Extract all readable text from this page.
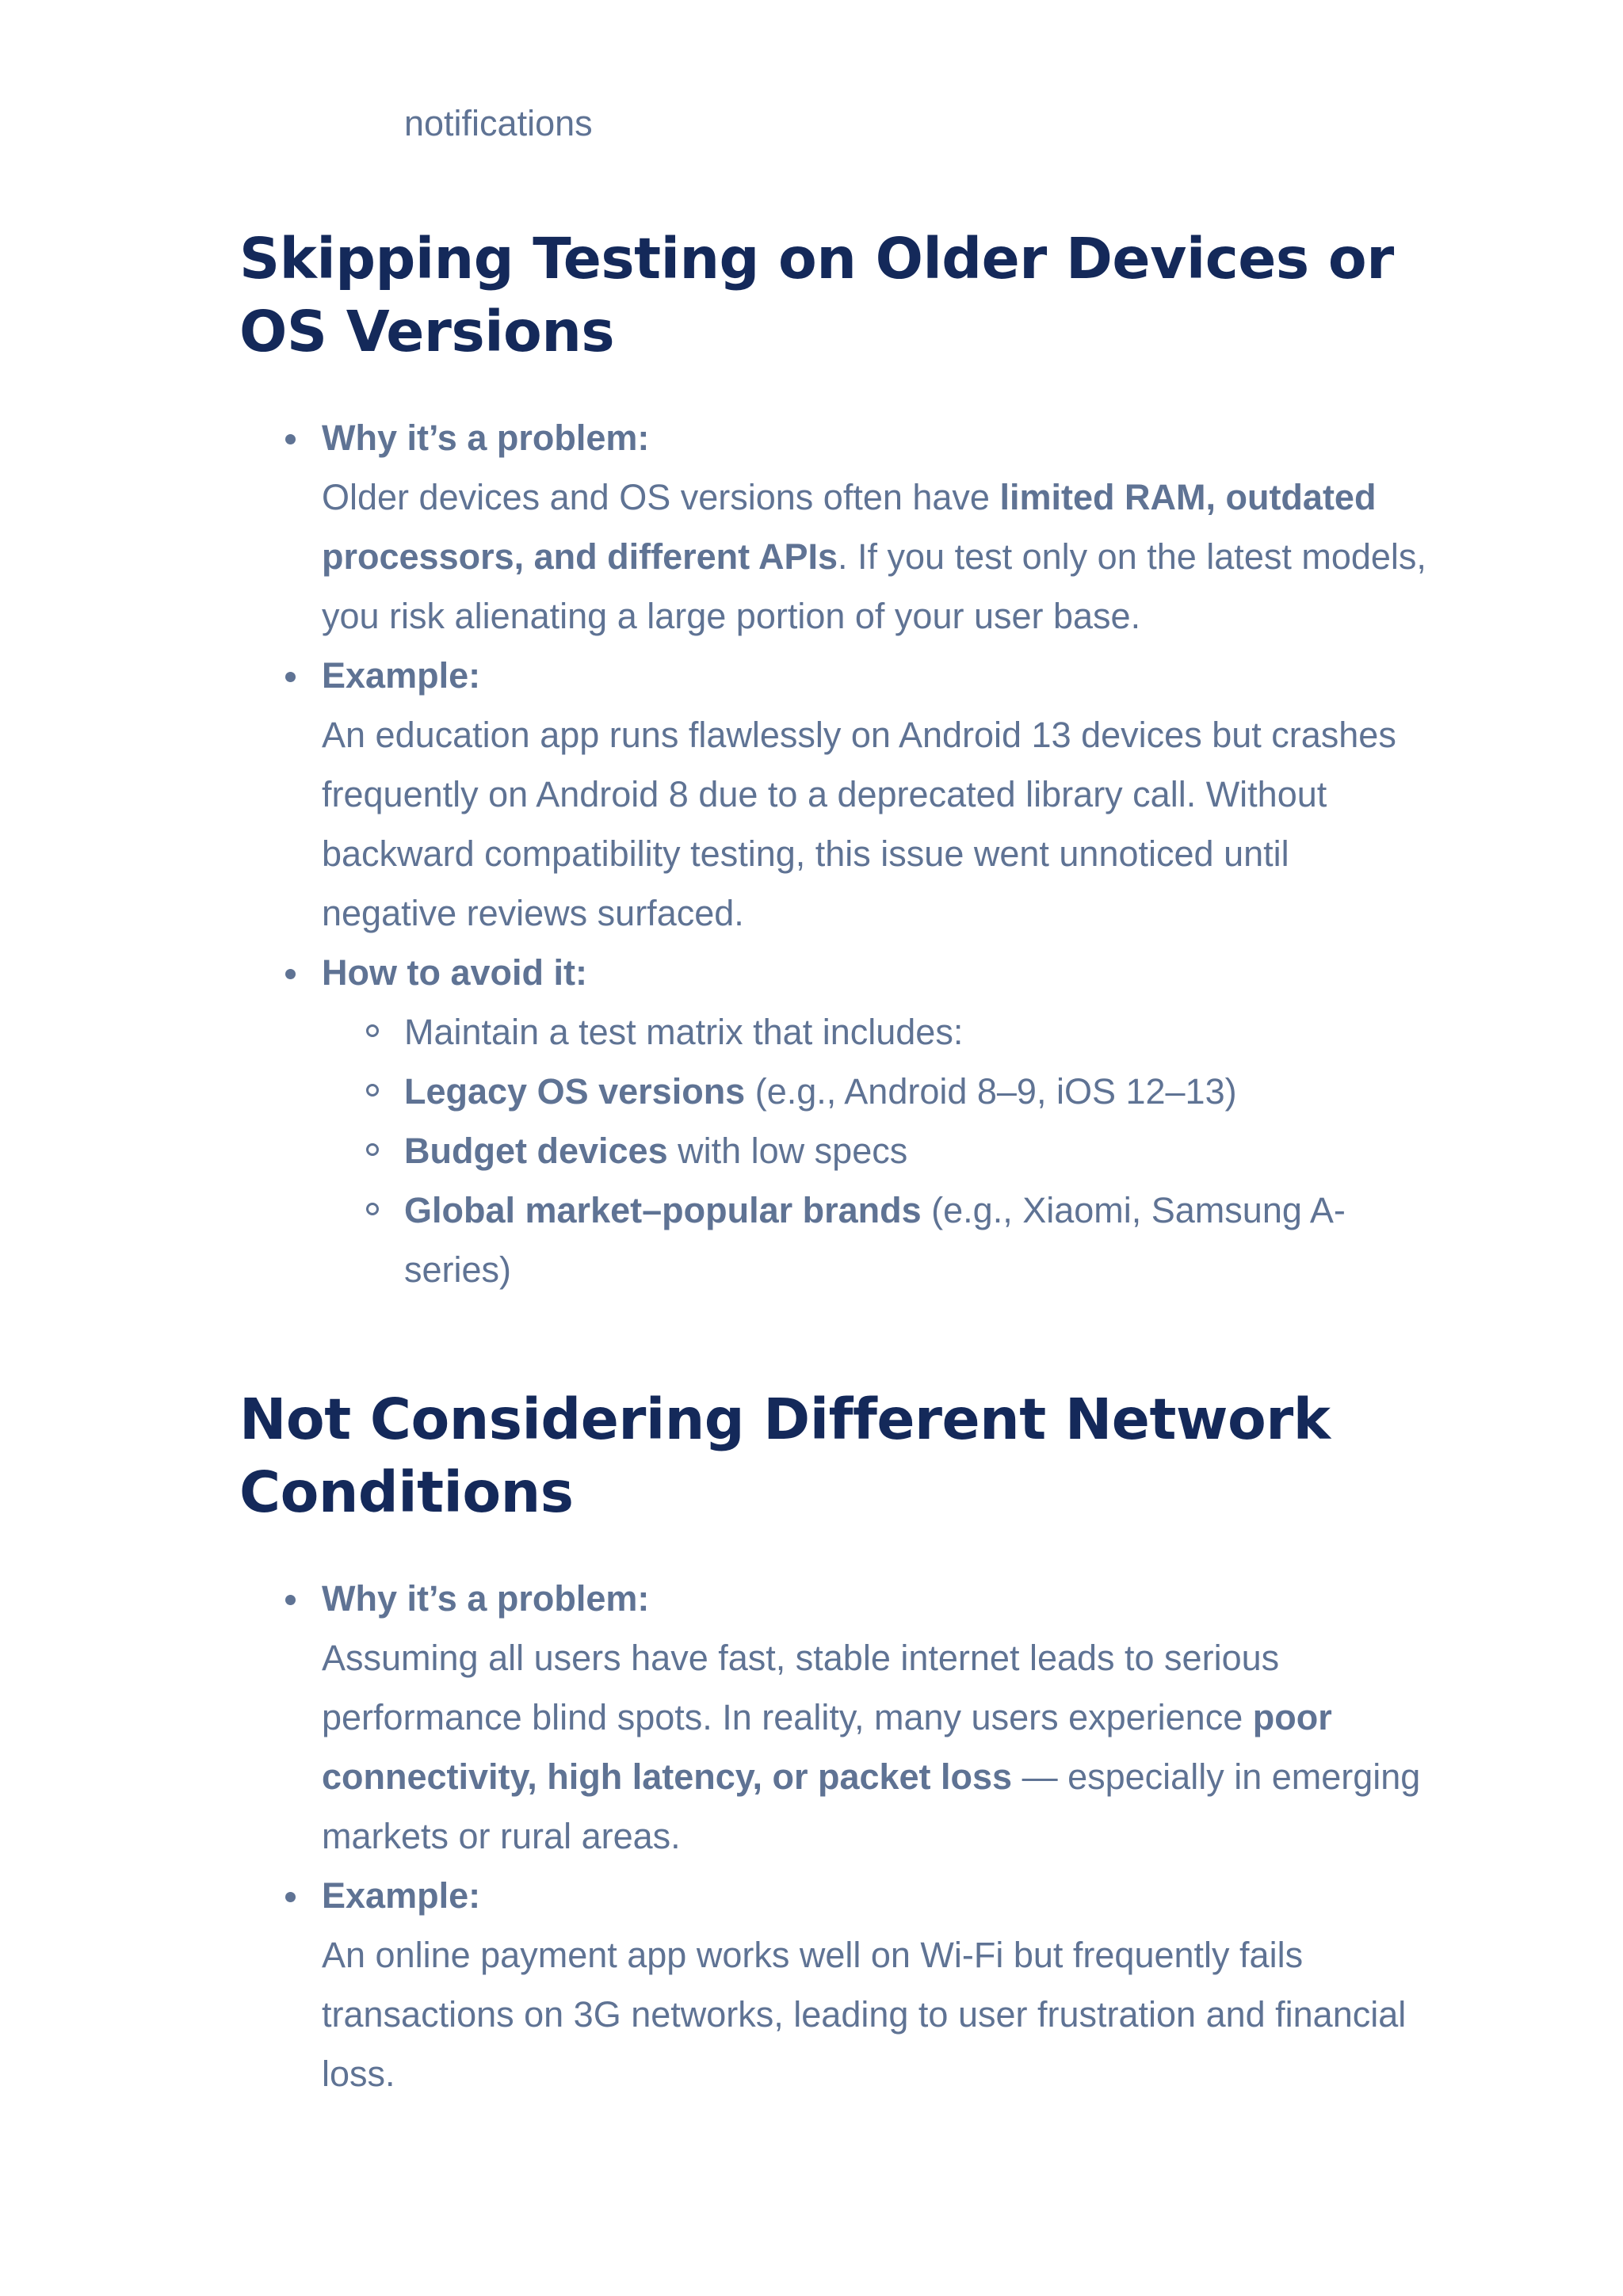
notifications
Skipping Testing on Older Devices or OS Versions
Why it’s a problem:
Older devices and OS versions often have limited RAM, outdated processors, and different APIs. If you test only on the latest models, you risk alienating a large portion of your user base.
Example:
An education app runs flawlessly on Android 13 devices but crashes frequently on Android 8 due to a deprecated library call. Without backward compatibility testing, this issue went unnoticed until negative reviews surfaced.
How to avoid it:
Maintain a test matrix that includes:
Legacy OS versions (e.g., Android 8–9, iOS 12–13)
Budget devices with low specs
Global market–popular brands (e.g., Xiaomi, Samsung A-series)
Not Considering Different Network Conditions
Why it’s a problem:
Assuming all users have fast, stable internet leads to serious performance blind spots. In reality, many users experience poor connectivity, high latency, or packet loss — especially in emerging markets or rural areas.
Example:
An online payment app works well on Wi-Fi but frequently fails transactions on 3G networks, leading to user frustration and financial loss.
